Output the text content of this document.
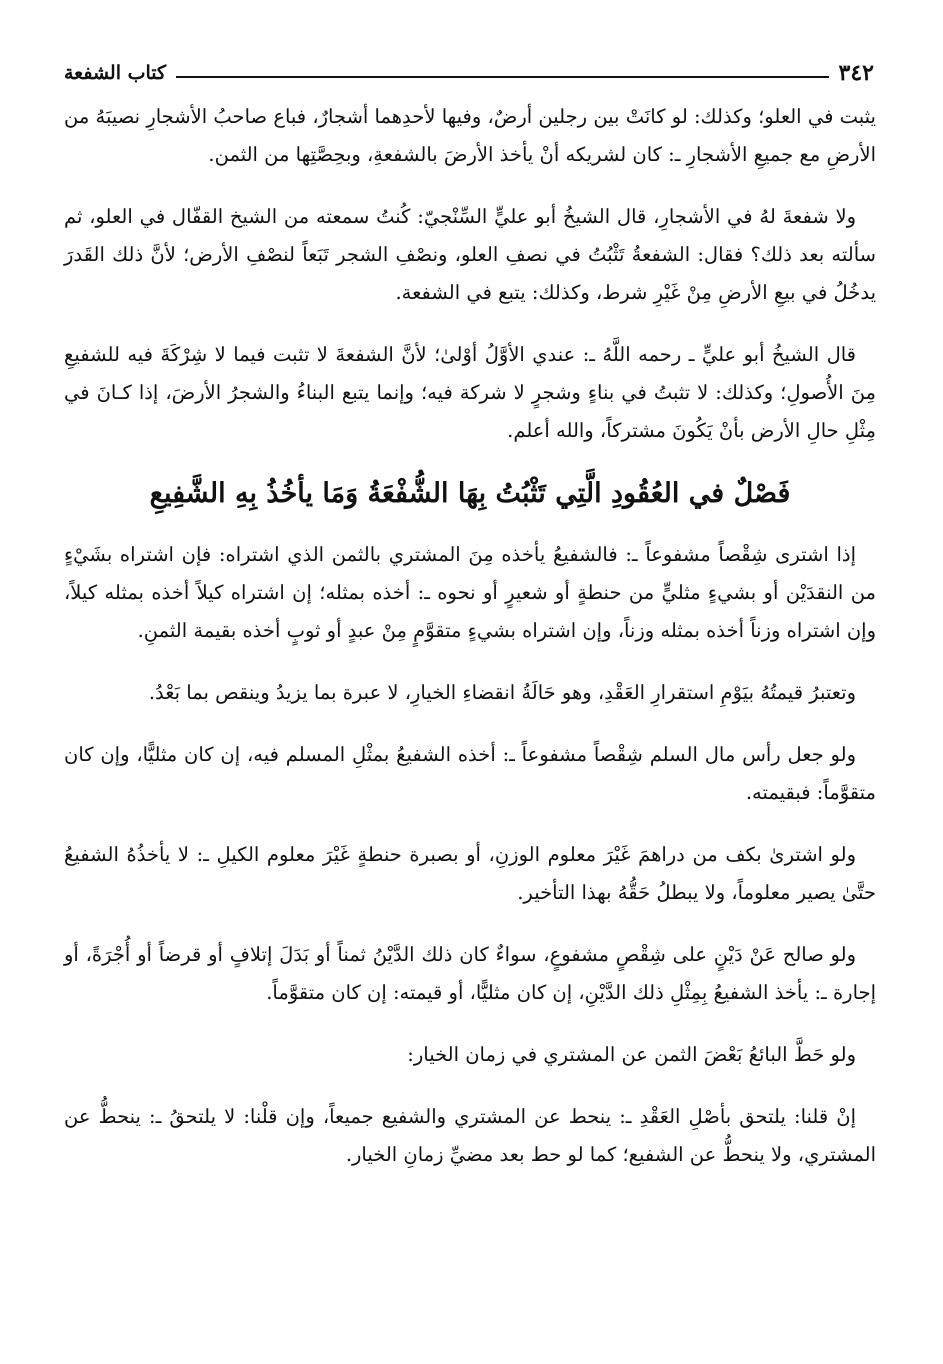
٣٤٢
كتاب الشفعة

يثبت في العلو؛ وكذلك: لو كانَتْ بين رجلين أرضٌ، وفيها لأحدِهما أشجارٌ، فباع صاحبُ الأشجارِ نصيبَهُ من الأرضِ مع جميعِ الأشجارِ ـ: كان لشريكه أنْ يأخذ الأرضَ بالشفعةِ، وبحِصَّتِها من الثمن.

ولا شفعةَ لهُ في الأشجارِ، قال الشيخُ أبو عليٍّ السِّنْجيّ: كُنتُ سمعته من الشيخ القفّال في العلو، ثم سألته بعد ذلك؟ فقال: الشفعةُ تَثْبُتُ في نصفِ العلو، ونصْفِ الشجر تَبَعاً لنصْفِ الأرض؛ لأنَّ ذلك القَدرَ يدخُلُ في بيعِ الأرضِ مِنْ غَيْرِ شرط، وكذلك: يتبع في الشفعة.

قال الشيخُ أبو عليٍّ ـ رحمه اللَّهُ ـ: عندي الأوَّلُ أوْلىٰ؛ لأنَّ الشفعةَ لا تثبت فيما لا شِرْكَةَ فيه للشفيعِ مِنَ الأُصولِ؛ وكذلك: لا تثبتُ في بناءٍ وشجرٍ لا شركة فيه؛ وإنما يتبع البناءُ والشجرُ الأرضَ، إذا كـانَ في مِثْلِ حالِ الأرض بأنْ يَكُونَ مشتركاً، والله أعلم.

فَصْلٌ في العُقُودِ الَّتِي تَثْبُتُ بِهَا الشُّفْعَةُ وَمَا يأخُذُ بِهِ الشَّفِيعِ

إذا اشترى شِقْصاً مشفوعاً ـ: فالشفيعُ يأخذه مِنَ المشتري بالثمن الذي اشتراه: فإن اشتراه بشَيْءٍ من النقدَيْن أو بشيءٍ مثليٍّ من حنطةٍ أو شعيرٍ أو نحوه ـ: أخذه بمثله؛ إن اشتراه كيلاً أخذه بمثله كيلاً، وإن اشتراه وزناً أخذه بمثله وزناً، وإن اشتراه بشيءٍ متقوَّمٍ مِنْ عبدٍ أو ثوبٍ أخذه بقيمة الثمنِ.

وتعتبرُ قيمتُهُ بيَوْمِ استقرارِ العَقْدِ، وهو حَالَةُ انقضاءِ الخيارِ، لا عبرة بما يزيدُ وينقص بما بَعْدُ.

ولو جعل رأس مال السلم شِقْصاً مشفوعاً ـ: أخذه الشفيعُ بمثْلِ المسلم فيه، إن كان مثليًّا، وإن كان متقوَّماً: فبقيمته.

ولو اشترىٰ بكف من دراهمَ غَيْرَ معلوم الوزنِ، أو بصبرة حنطةٍ غَيْرَ معلوم الكيلِ ـ: لا يأخذُهُ الشفيعُ حتَّىٰ يصير معلوماً، ولا يبطلُ حَقُّهُ بهذا التأخير.

ولو صالح عَنْ دَيْنٍ على شِقْصٍ مشفوعٍ، سواءٌ كان ذلك الدَّيْنُ ثمناً أو بَدَلَ إتلافٍ أو قرضاً أو أُجْرَةً، أو إجارة ـ: يأخذ الشفيعُ بِمِثْلِ ذلك الدَّيْنِ، إن كان مثليًّا، أو قيمته: إن كان متقوَّماً.

ولو حَطَّ البائعُ بَعْضَ الثمن عن المشتري في زمان الخيار:

إنْ قلنا: يلتحق بأصْلِ العَقْدِ ـ: ينحط عن المشتري والشفيع جميعاً، وإن قلْنا: لا يلتحقُ ـ: ينحطُّ عن المشتري، ولا ينحطُّ عن الشفيع؛ كما لو حط بعد مضيِّ زمانِ الخيار.
